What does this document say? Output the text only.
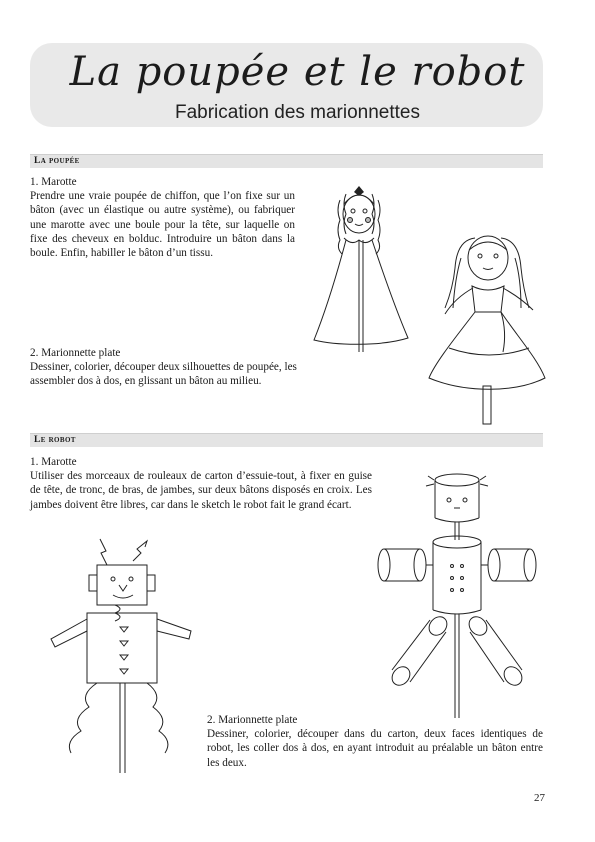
La poupée et le robot
Fabrication des marionnettes
La poupée

1. Marotte

Prendre une vraie poupée de chiffon, que l’on fixe sur un bâton (avec un élastique ou autre système), ou fabriquer une marotte avec une boule pour la tête, sur laquelle on fixe des cheveux en bolduc. Introduire un bâton dans la boule. Enfin, habiller le bâton d’un tissu.

2. Marionnette plate

Dessiner, colorier, découper deux silhouettes de poupée, les assembler dos à dos, en glissant un bâton au milieu.

Le robot

1. Marotte

Utiliser des morceaux de rouleaux de carton d’essuie-tout, à fixer en guise de tête, de tronc, de bras, de jambes, sur deux bâtons disposés en croix. Les jambes doivent être libres, car dans le sketch le robot fait le grand écart.

2. Marionnette plate

Dessiner, colorier, découper dans du carton, deux faces identiques de robot, les coller dos à dos, en ayant introduit au préalable un bâton entre les deux.

27
